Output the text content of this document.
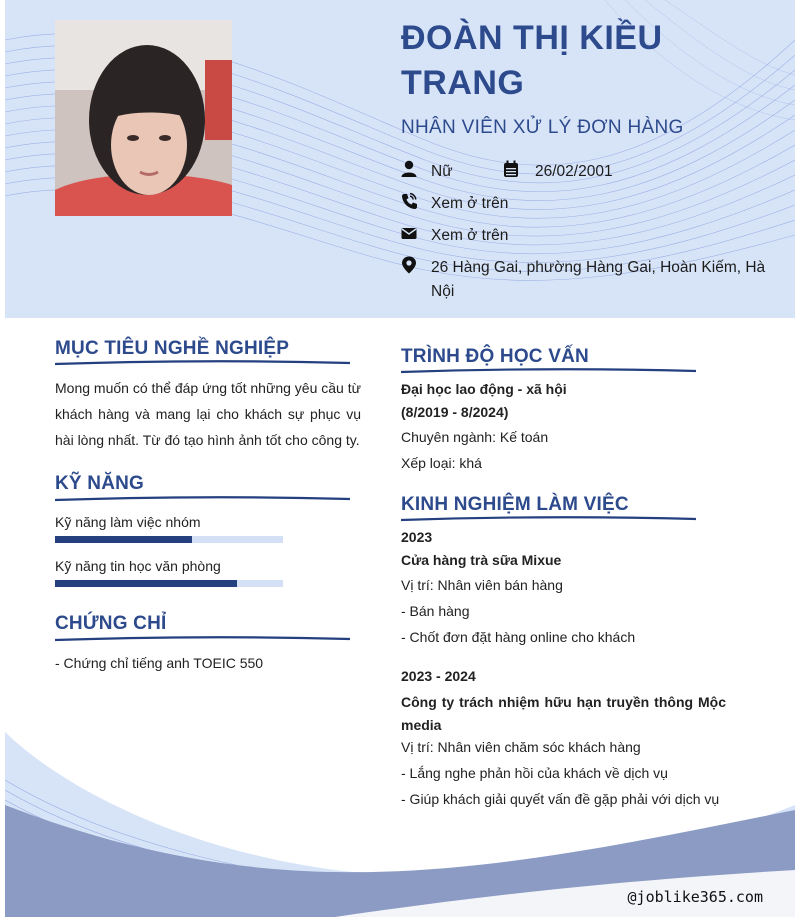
ĐOÀN THỊ KIỀU TRANG
NHÂN VIÊN XỬ LÝ ĐƠN HÀNG
Nữ	26/02/2001
Xem ở trên
Xem ở trên
26 Hàng Gai, phường Hàng Gai, Hoàn Kiếm, Hà Nội
MỤC TIÊU NGHỀ NGHIỆP
Mong muốn có thể đáp ứng tốt những yêu cầu từ khách hàng và mang lại cho khách sự phục vụ hài lòng nhất. Từ đó tạo hình ảnh tốt cho công ty.
KỸ NĂNG
Kỹ năng làm việc nhóm
Kỹ năng tin học văn phòng
CHỨNG CHỈ
- Chứng chỉ tiếng anh TOEIC 550
TRÌNH ĐỘ HỌC VẤN
Đại học lao động - xã hội
(8/2019 - 8/2024)
Chuyên ngành: Kế toán
Xếp loại: khá
KINH NGHIỆM LÀM VIỆC
2023
Cửa hàng trà sữa Mixue
Vị trí: Nhân viên bán hàng
- Bán hàng
- Chốt đơn đặt hàng online cho khách
2023 - 2024
Công ty trách nhiệm hữu hạn truyền thông Mộc media
Vị trí: Nhân viên chăm sóc khách hàng
- Lắng nghe phản hồi của khách về dịch vụ
- Giúp khách giải quyết vấn đề gặp phải với dịch vụ
@joblike365.com
